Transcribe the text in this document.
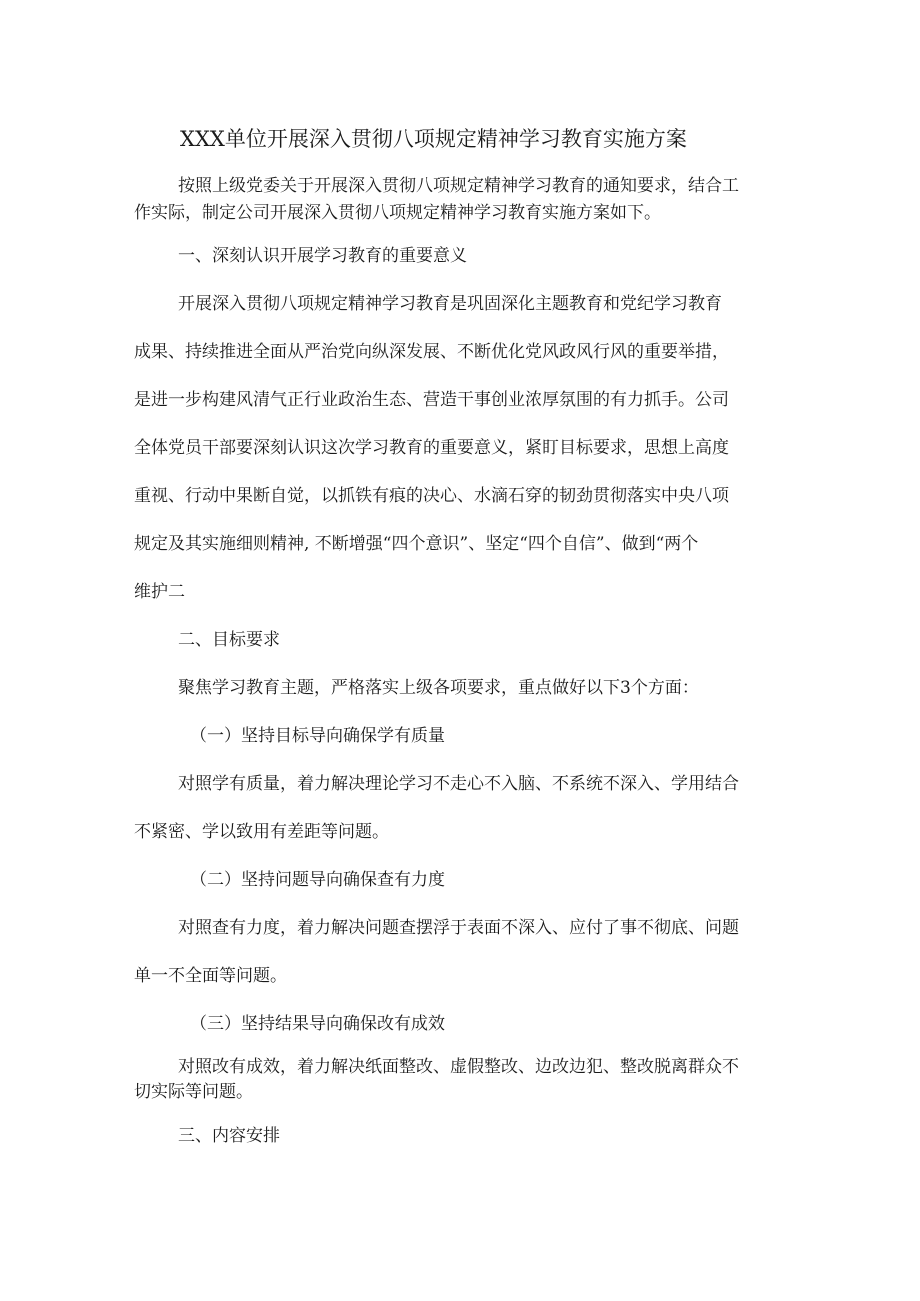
XXX单位开展深入贯彻八项规定精神学习教育实施方案
按照上级党委关于开展深入贯彻八项规定精神学习教育的通知要求，结合工
作实际，制定公司开展深入贯彻八项规定精神学习教育实施方案如下。
一、深刻认识开展学习教育的重要意义
开展深入贯彻八项规定精神学习教育是巩固深化主题教育和党纪学习教育
成果、持续推进全面从严治党向纵深发展、不断优化党风政风行风的重要举措，
是进一步构建风清气正行业政治生态、营造干事创业浓厚氛围的有力抓手。公司
全体党员干部要深刻认识这次学习教育的重要意义，紧盯目标要求，思想上高度
重视、行动中果断自觉，以抓铁有痕的决心、水滴石穿的韧劲贯彻落实中央八项
规定及其实施细则精神, 不断增强“四个意识”、坚定“四个自信”、做到“两个
维护二
二、目标要求
聚焦学习教育主题，严格落实上级各项要求，重点做好以下3个方面：
（一）坚持目标导向确保学有质量
对照学有质量，着力解决理论学习不走心不入脑、不系统不深入、学用结合
不紧密、学以致用有差距等问题。
（二）坚持问题导向确保查有力度
对照查有力度，着力解决问题查摆浮于表面不深入、应付了事不彻底、问题
单一不全面等问题。
（三）坚持结果导向确保改有成效
对照改有成效，着力解决纸面整改、虚假整改、边改边犯、整改脱离群众不
切实际等问题。
三、内容安排
